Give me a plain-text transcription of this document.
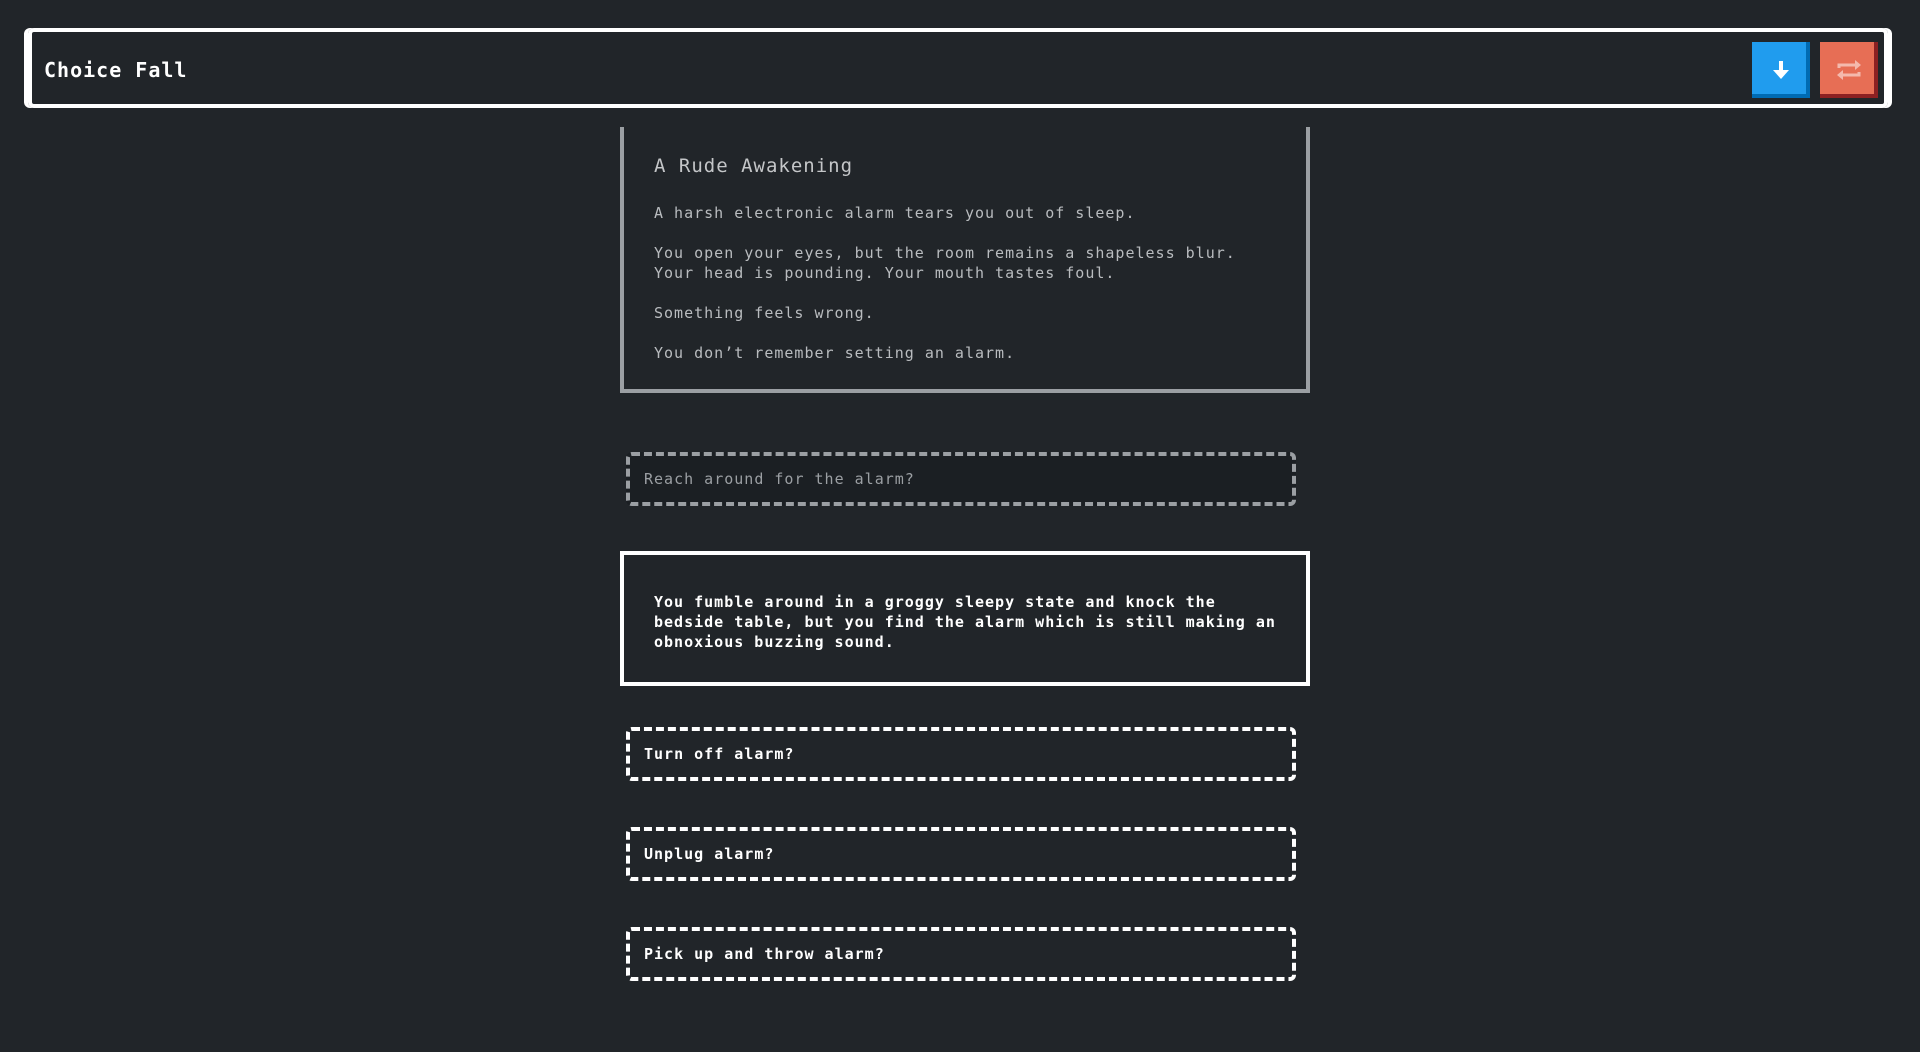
Choice Fall
A Rude Awakening

A harsh electronic alarm tears you out of sleep.

You open your eyes, but the room remains a shapeless blur. Your head is pounding. Your mouth tastes foul.

Something feels wrong.

You don’t remember setting an alarm.

Reach around for the alarm?
You fumble around in a groggy sleepy state and knock the bedside table, but you find the alarm which is still making an obnoxious buzzing sound.
Turn off alarm?
Unplug alarm?
Pick up and throw alarm?
